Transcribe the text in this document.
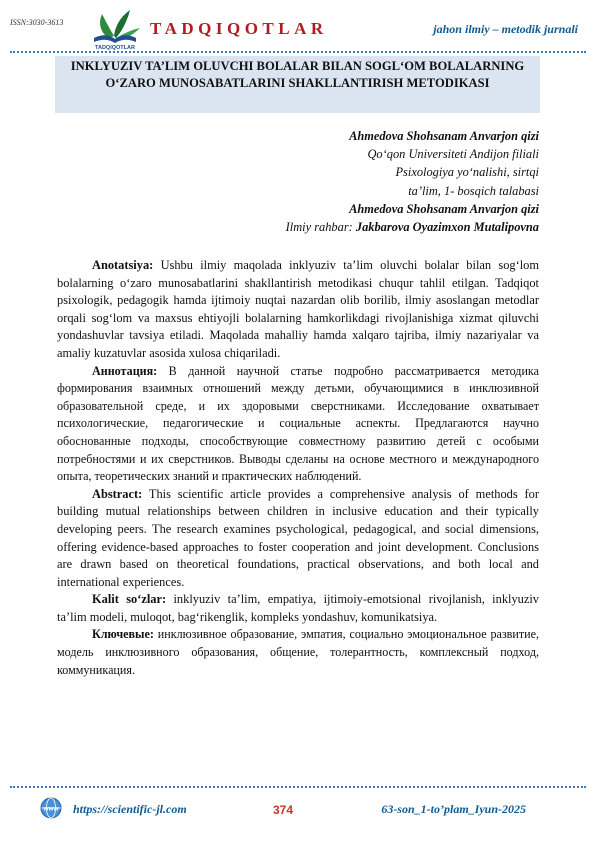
ISSN:3030-3613
TADQIQOTLAR
TADQIQOTLAR	jahon ilmiy – metodik jurnali
INKLYUZIV TA’LIM OLUVCHI BOLALAR BILAN SOGL‘OM BOLALARNING O‘ZARO MUNOSABATLARINI SHAKLLANTIRISH METODIKASI
Ahmedova Shohsanam Anvarjon qizi
Qo‘qon Universiteti Andijon filiali
Psixologiya yo‘nalishi, sirtqi
ta’lim, 1- bosqich talabasi
Ahmedova Shohsanam Anvarjon qizi
Ilmiy rahbar: Jakbarova Oyazimxon Mutalipovna

Anotatsiya: Ushbu ilmiy maqolada inklyuziv ta’lim oluvchi bolalar bilan sog‘lom bolalarning o‘zaro munosabatlarini shakllantirish metodikasi chuqur tahlil etilgan. Tadqiqot psixologik, pedagogik hamda ijtimoiy nuqtai nazardan olib borilib, ilmiy asoslangan metodlar orqali sog‘lom va maxsus ehtiyojli bolalarning hamkorlikdagi rivojlanishiga xizmat qiluvchi yondashuvlar tavsiya etiladi. Maqolada mahalliy hamda xalqaro tajriba, ilmiy nazariyalar va amaliy kuzatuvlar asosida xulosa chiqariladi.

Аннотация: В данной научной статье подробно рассматривается методика формирования взаимных отношений между детьми, обучающимися в инклюзивной образовательной среде, и их здоровыми сверстниками. Исследование охватывает психологические, педагогические и социальные аспекты. Предлагаются научно обоснованные подходы, способствующие совместному развитию детей с особыми потребностями и их сверстников. Выводы сделаны на основе местного и международного опыта, теоретических знаний и практических наблюдений.

Abstract: This scientific article provides a comprehensive analysis of methods for building mutual relationships between children in inclusive education and their typically developing peers. The research examines psychological, pedagogical, and social dimensions, offering evidence-based approaches to foster cooperation and joint development. Conclusions are drawn based on theoretical foundations, practical observations, and both local and international experiences.

Kalit so‘zlar: inklyuziv ta’lim, empatiya, ijtimoiy-emotsional rivojlanish, inklyuziv ta’lim modeli, muloqot, bag‘rikenglik, kompleks yondashuv, komunikatsiya.

Ключевые: инклюзивное образование, эмпатия, социально эмоциональное развитие, модель инклюзивного образования, общение, толерантность, комплексный подход, коммуникация.

www https://scientific-jl.com	374	63-son_1-to’plam_Iyun-2025
